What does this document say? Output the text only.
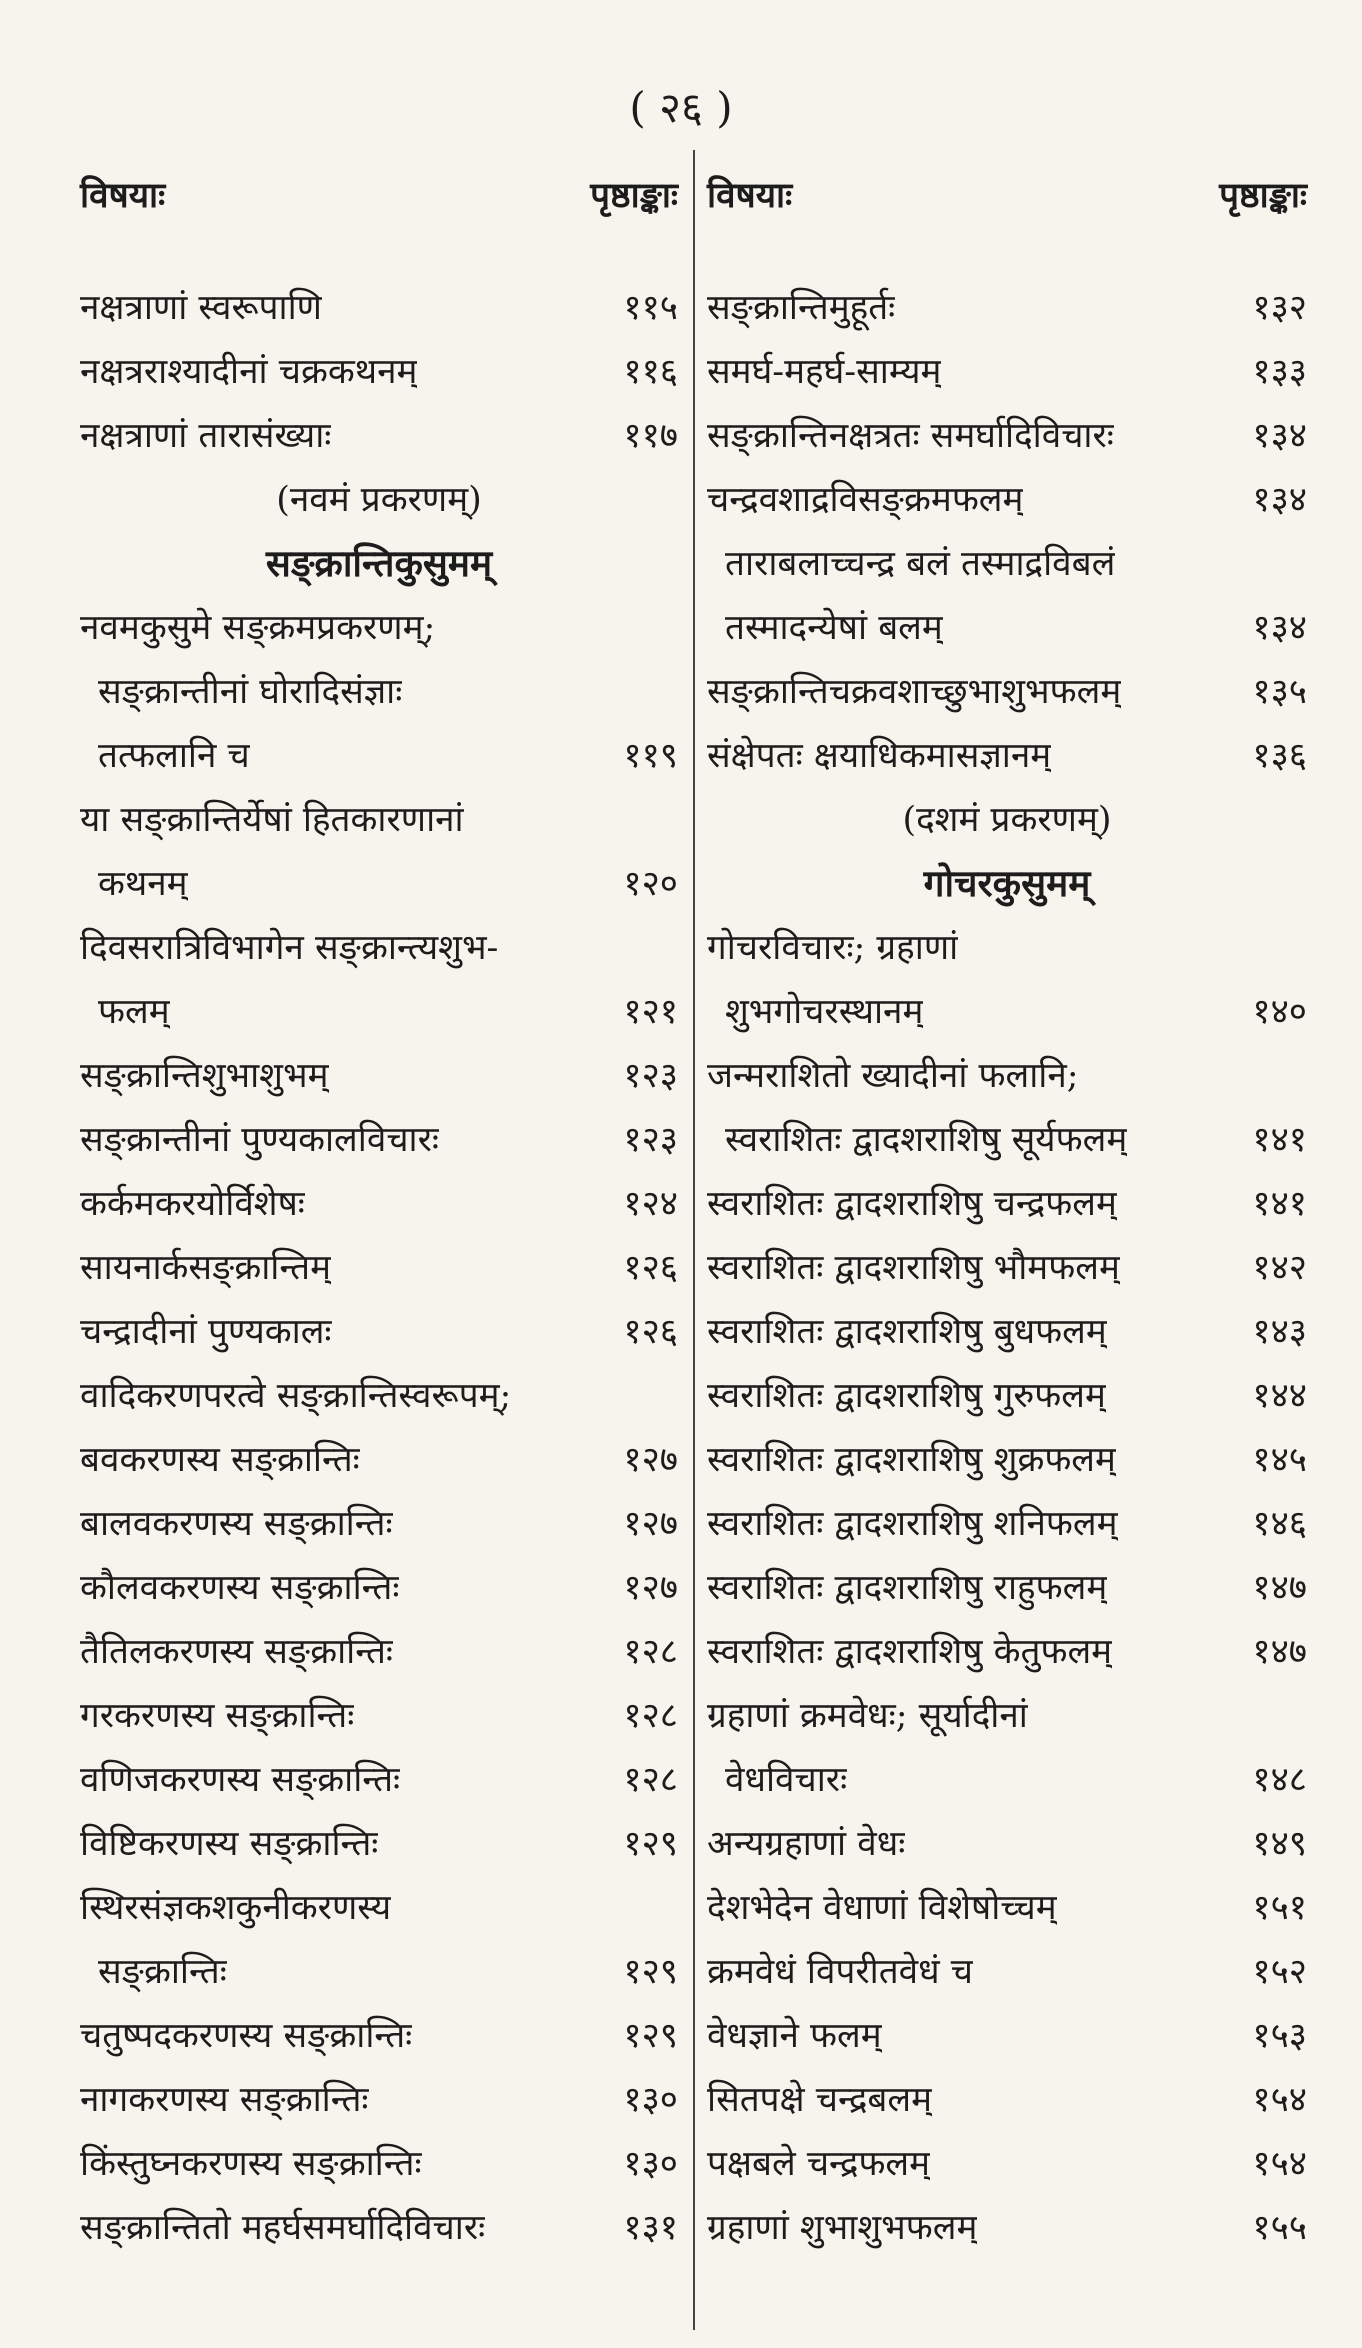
( २६ )
विषयाः	पृष्ठाङ्काः
नक्षत्राणां स्वरूपाणि	११५
नक्षत्रराश्यादीनां चक्रकथनम्	११६
नक्षत्राणां तारासंख्याः	११७
(नवमं प्रकरणम्)
सङ्क्रान्तिकुसुमम्
नवमकुसुमे सङ्क्रमप्रकरणम्;
सङ्क्रान्तीनां घोरादिसंज्ञाः
तत्फलानि च	११९
या सङ्क्रान्तिर्येषां हितकारणानां
कथनम्	१२०
दिवसरात्रिविभागेन सङ्क्रान्त्यशुभ-
फलम्	१२१
सङ्क्रान्तिशुभाशुभम्	१२३
सङ्क्रान्तीनां पुण्यकालविचारः	१२३
कर्कमकरयोर्विशेषः	१२४
सायनार्कसङ्क्रान्तिम्	१२६
चन्द्रादीनां पुण्यकालः	१२६
वादिकरणपरत्वे सङ्क्रान्तिस्वरूपम्;
बवकरणस्य सङ्क्रान्तिः	१२७
बालवकरणस्य सङ्क्रान्तिः	१२७
कौलवकरणस्य सङ्क्रान्तिः	१२७
तैतिलकरणस्य सङ्क्रान्तिः	१२८
गरकरणस्य सङ्क्रान्तिः	१२८
वणिजकरणस्य सङ्क्रान्तिः	१२८
विष्टिकरणस्य सङ्क्रान्तिः	१२९
स्थिरसंज्ञकशकुनीकरणस्य
सङ्क्रान्तिः	१२९
चतुष्पदकरणस्य सङ्क्रान्तिः	१२९
नागकरणस्य सङ्क्रान्तिः	१३०
किंस्तुघ्नकरणस्य सङ्क्रान्तिः	१३०
सङ्क्रान्तितो महर्घसमर्घादिविचारः	१३१
विषयाः	पृष्ठाङ्काः
सङ्क्रान्तिमुहूर्तः	१३२
समर्घ-महर्घ-साम्यम्	१३३
सङ्क्रान्तिनक्षत्रतः समर्घादिविचारः	१३४
चन्द्रवशाद्रविसङ्क्रमफलम्	१३४
ताराबलाच्चन्द्र बलं तस्माद्रविबलं
तस्मादन्येषां बलम्	१३४
सङ्क्रान्तिचक्रवशाच्छुभाशुभफलम्	१३५
संक्षेपतः क्षयाधिकमासज्ञानम्	१३६
(दशमं प्रकरणम्)
गोचरकुसुमम्
गोचरविचारः; ग्रहाणां
शुभगोचरस्थानम्	१४०
जन्मराशितो ख्यादीनां फलानि;
स्वराशितः द्वादशराशिषु सूर्यफलम्	१४१
स्वराशितः द्वादशराशिषु चन्द्रफलम्	१४१
स्वराशितः द्वादशराशिषु भौमफलम्	१४२
स्वराशितः द्वादशराशिषु बुधफलम्	१४३
स्वराशितः द्वादशराशिषु गुरुफलम्	१४४
स्वराशितः द्वादशराशिषु शुक्रफलम्	१४५
स्वराशितः द्वादशराशिषु शनिफलम्	१४६
स्वराशितः द्वादशराशिषु राहुफलम्	१४७
स्वराशितः द्वादशराशिषु केतुफलम्	१४७
ग्रहाणां क्रमवेधः; सूर्यादीनां
वेधविचारः	१४८
अन्यग्रहाणां वेधः	१४९
देशभेदेन वेधाणां विशेषोच्चम्	१५१
क्रमवेधं विपरीतवेधं च	१५२
वेधज्ञाने फलम्	१५३
सितपक्षे चन्द्रबलम्	१५४
पक्षबले चन्द्रफलम्	१५४
ग्रहाणां शुभाशुभफलम्	१५५
